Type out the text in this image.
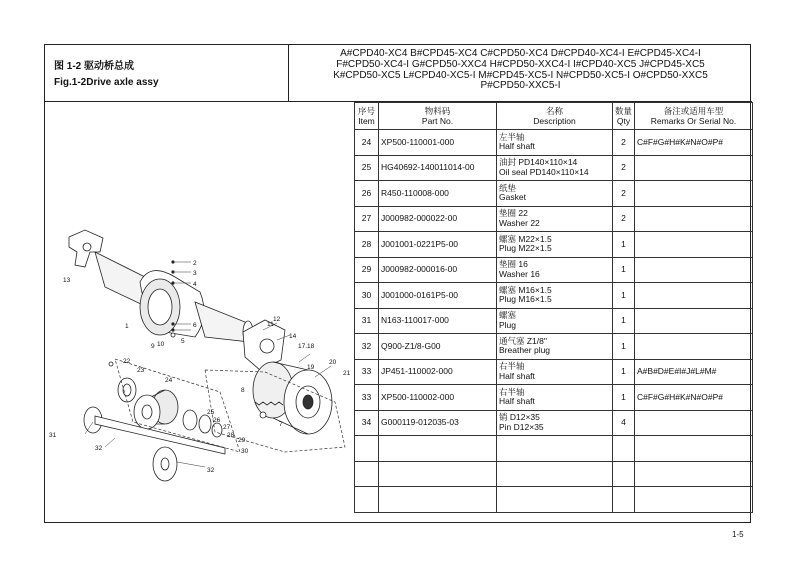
图 1-2 驱动桥总成
Fig.1-2Drive axle assy
A#CPD40-XC4 B#CPD45-XC4 C#CPD50-XC4 D#CPD40-XC4-I E#CPD45-XC4-I
F#CPD50-XC4-I G#CPD50-XXC4 H#CPD50-XXC4-I I#CPD40-XC5 J#CPD45-XC5
K#CPD50-XC5 L#CPD40-XC5-I M#CPD45-XC5-I N#CPD50-XC5-I O#CPD50-XXC5
P#CPD50-XXC5-I
1
2
3
4
5
6
7
8
9 10
11
12
13
14
17.18
19
20
21
22
23
24
25
26
27
28
29
30
31
32
32
序号
Item	物料码
Part No.	名称
Description	数量
Qty	备注或适用车型
Remarks Or Serial No.
24	XP500-110001-000	左半轴
Half shaft	2	C#F#G#H#K#N#O#P#
25	HG40692-140011014-00	油封 PD140×110×14
Oil seal PD140×110×14	2	
26	R450-110008-000	纸垫
Gasket	2	
27	J000982-000022-00	垫圈 22
Washer 22	2	
28	J001001-0221P5-00	螺塞 M22×1.5
Plug M22×1.5	1	
29	J000982-000016-00	垫圈 16
Washer 16	1	
30	J001000-0161P5-00	螺塞 M16×1.5
Plug M16×1.5	1	
31	N163-110017-000	螺塞
Plug	1	
32	Q900-Z1/8-G00	通气塞 Z1/8"
Breather plug	1	
33	JP451-110002-000	右半轴
Half shaft	1	A#B#D#E#I#J#L#M#
33	XP500-110002-000	右半轴
Half shaft	1	C#F#G#H#K#N#O#P#
34	G000119-012035-03	销 D12×35
Pin D12×35	4	

1-5
